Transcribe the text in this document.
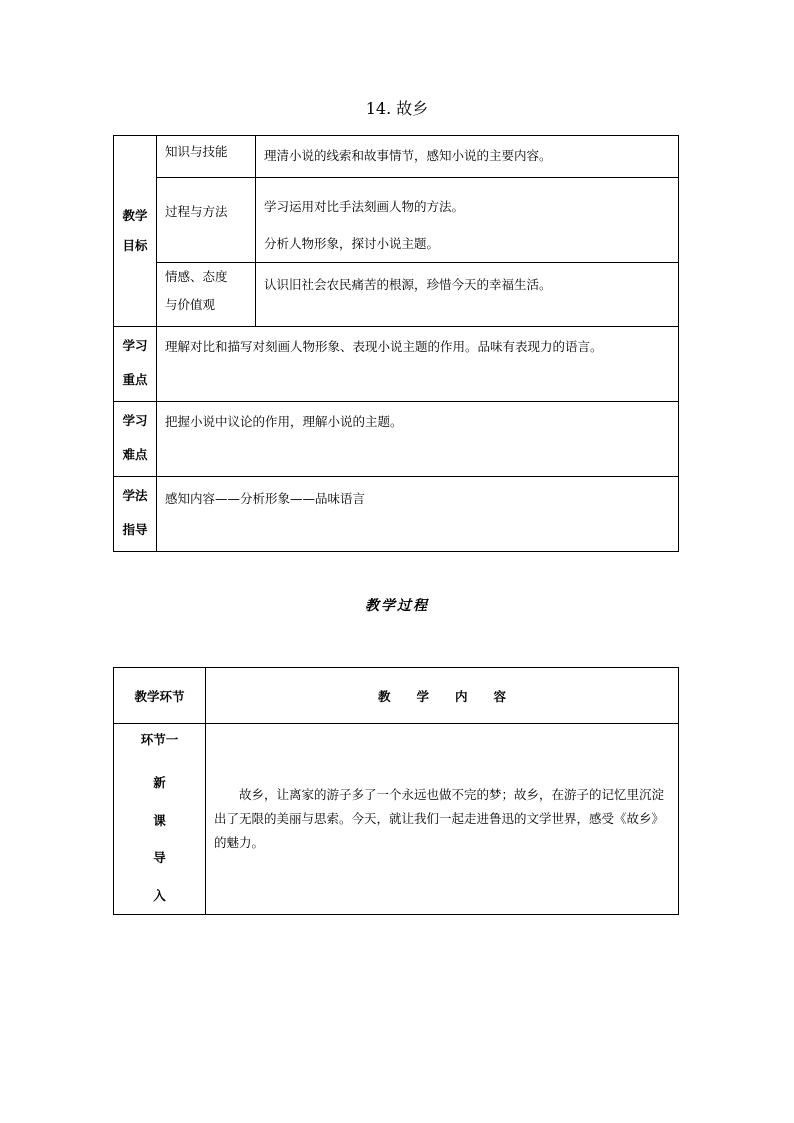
14. 故乡
教学
目标	知识与技能	理清小说的线索和故事情节，感知小说的主要内容。

	过程与方法	学习运用对比手法刻画人物的方法。

分析人物形象，探讨小说主题。

	情感、态度
与价值观	认识旧社会农民痛苦的根源，珍惜今天的幸福生活。

学习
重点	理解对比和描写对刻画人物形象、表现小说主题的作用。品味有表现力的语言。	

学习
难点	把握小说中议论的作用，理解小说的主题。	

学法
指导	感知内容——分析形象——品味语言	
教学过程
教学环节	教学内容

环节一
新
课
导
入	故乡，让离家的游子多了一个永远也做不完的梦；故乡，在游子的记忆里沉淀出了无限的美丽与思索。今天，就让我们一起走进鲁迅的文学世界，感受《故乡》的魅力。
